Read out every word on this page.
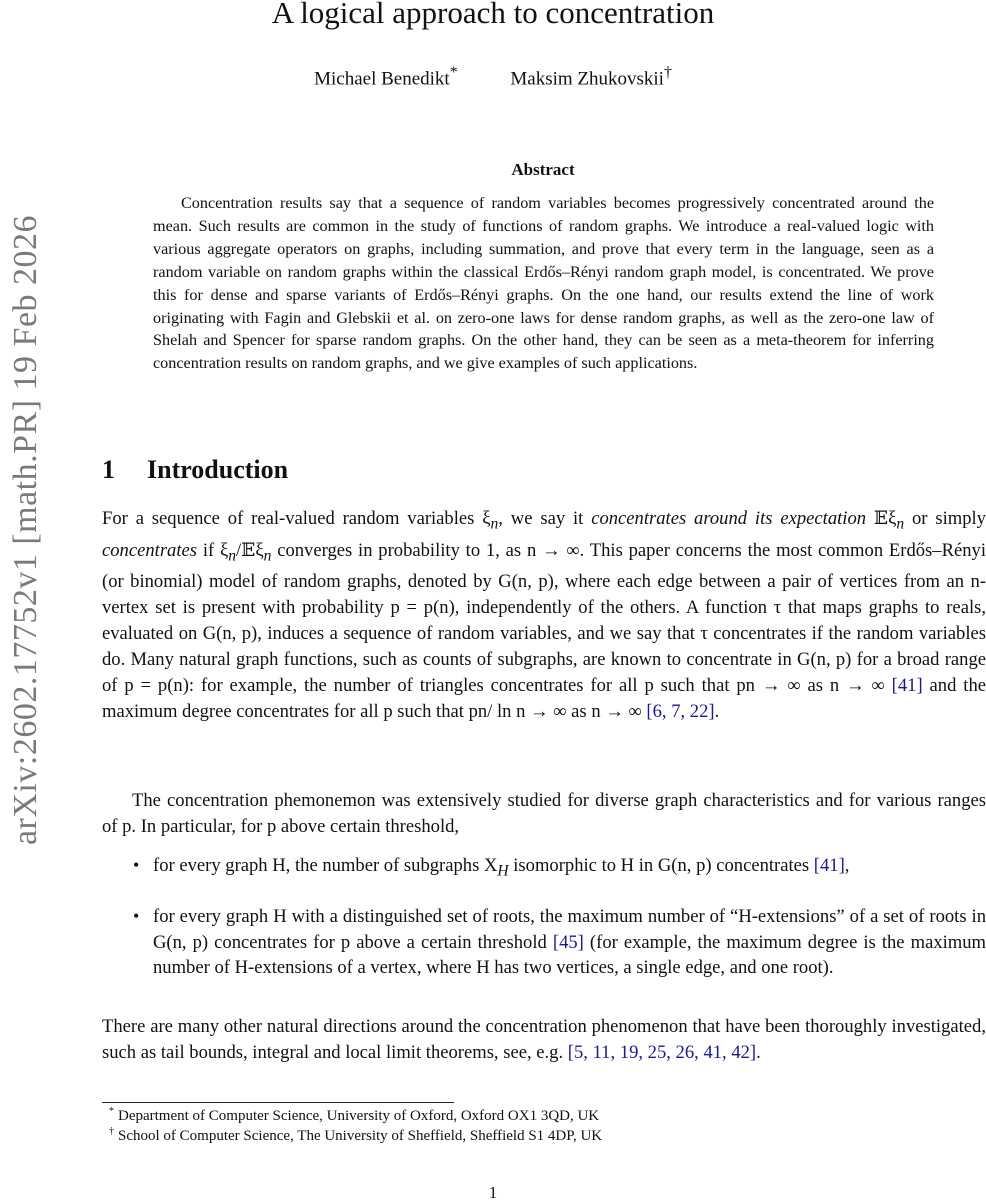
arXiv:2602.17752v1 [math.PR] 19 Feb 2026
A logical approach to concentration
Michael Benedikt*	Maksim Zhukovskii†
Abstract

Concentration results say that a sequence of random variables becomes progressively concentrated around the mean. Such results are common in the study of functions of random graphs. We introduce a real-valued logic with various aggregate operators on graphs, including summation, and prove that every term in the language, seen as a random variable on random graphs within the classical Erdős–Rényi random graph model, is concentrated. We prove this for dense and sparse variants of Erdős–Rényi graphs. On the one hand, our results extend the line of work originating with Fagin and Glebskii et al. on zero-one laws for dense random graphs, as well as the zero-one law of Shelah and Spencer for sparse random graphs. On the other hand, they can be seen as a meta-theorem for inferring concentration results on random graphs, and we give examples of such applications.

1 Introduction

For a sequence of real-valued random variables $\xi_n$, we say it concentrates around its expectation 𝔼ξ$_n$ or simply concentrates if $\xi_n/𝔼\xi_n$ converges in probability to 1, as n → ∞. This paper concerns the most common Erdős–Rényi (or binomial) model of random graphs, denoted by G(n, p), where each edge between a pair of vertices from an n-vertex set is present with probability p = p(n), independently of the others. A function τ that maps graphs to reals, evaluated on G(n, p), induces a sequence of random variables, and we say that τ concentrates if the random variables do. Many natural graph functions, such as counts of subgraphs, are known to concentrate in G(n, p) for a broad range of p = p(n): for example, the number of triangles concentrates for all p such that pn → ∞ as n → ∞ [41] and the maximum degree concentrates for all p such that pn/ ln n → ∞ as n → ∞ [6, 7, 22].

The concentration phemonemon was extensively studied for diverse graph characteristics and for various ranges of p. In particular, for p above certain threshold,

• for every graph H, the number of subgraphs $X_H$ isomorphic to H in G(n, p) concentrates [41],
• for every graph H with a distinguished set of roots, the maximum number of “H-extensions” of a set of roots in G(n, p) concentrates for p above a certain threshold [45] (for example, the maximum degree is the maximum number of H-extensions of a vertex, where H has two vertices, a single edge, and one root).

There are many other natural directions around the concentration phenomenon that have been thoroughly investigated, such as tail bounds, integral and local limit theorems, see, e.g. [5, 11, 19, 25, 26, 41, 42].

* Department of Computer Science, University of Oxford, Oxford OX1 3QD, UK
† School of Computer Science, The University of Sheffield, Sheffield S1 4DP, UK
1
